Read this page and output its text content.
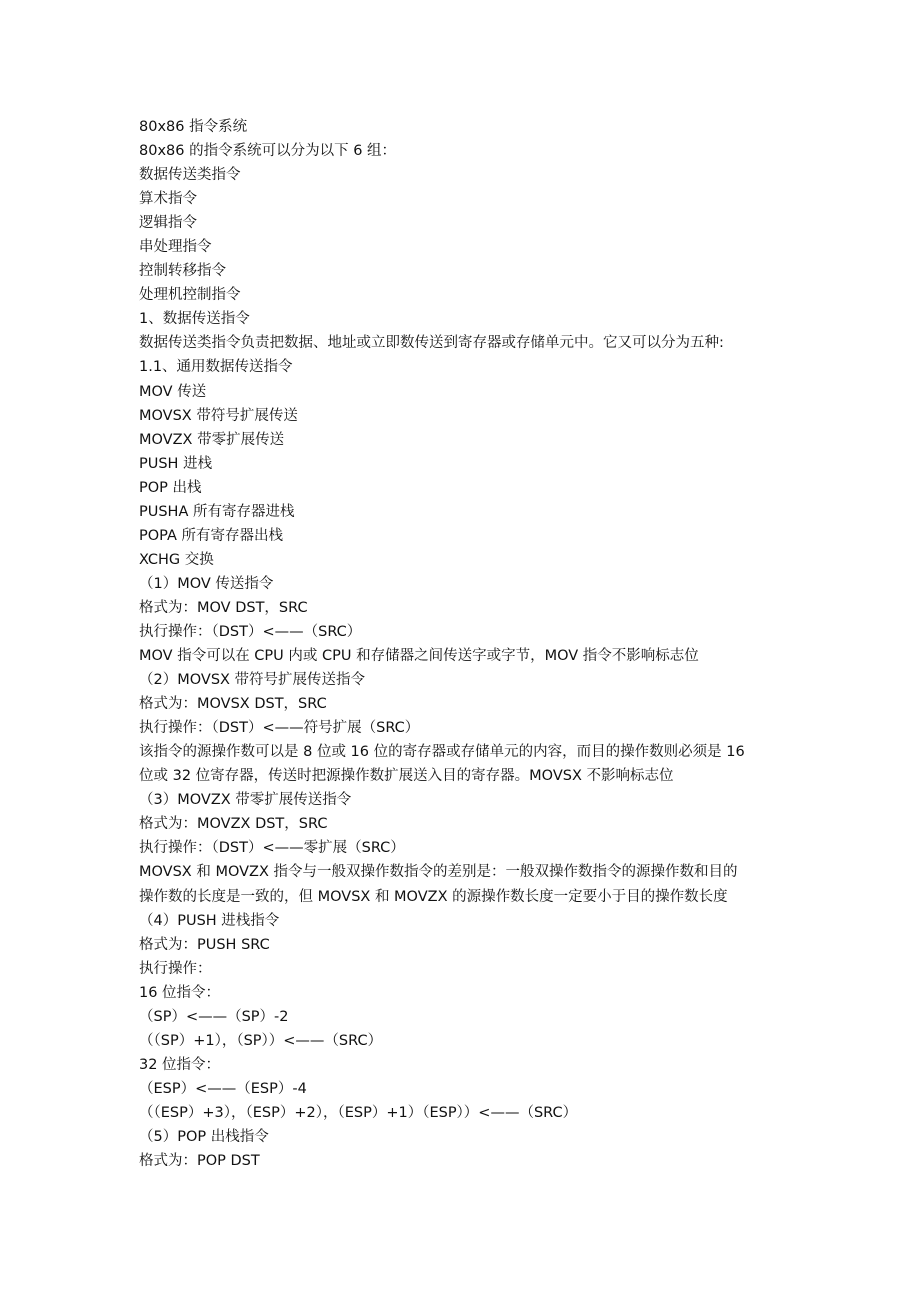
80x86 指令系统
80x86 的指令系统可以分为以下 6 组：
数据传送类指令
算术指令
逻辑指令
串处理指令
控制转移指令
处理机控制指令
1、数据传送指令
数据传送类指令负责把数据、地址或立即数传送到寄存器或存储单元中。它又可以分为五种:
1.1、通用数据传送指令
MOV 传送
MOVSX 带符号扩展传送
MOVZX 带零扩展传送
PUSH 进栈
POP 出栈
PUSHA 所有寄存器进栈
POPA 所有寄存器出栈
XCHG 交换
（1）MOV 传送指令
格式为：MOV DST，SRC
执行操作：（DST）<——（SRC）
MOV 指令可以在 CPU 内或 CPU 和存储器之间传送字或字节，MOV 指令不影响标志位
（2）MOVSX 带符号扩展传送指令
格式为：MOVSX DST，SRC
执行操作：（DST）<——符号扩展（SRC）
该指令的源操作数可以是 8 位或 16 位的寄存器或存储单元的内容，而目的操作数则必须是 16
位或 32 位寄存器，传送时把源操作数扩展送入目的寄存器。MOVSX 不影响标志位
（3）MOVZX 带零扩展传送指令
格式为：MOVZX DST，SRC
执行操作：（DST）<——零扩展（SRC）
MOVSX 和 MOVZX 指令与一般双操作数指令的差别是：一般双操作数指令的源操作数和目的
操作数的长度是一致的，但 MOVSX 和 MOVZX 的源操作数长度一定要小于目的操作数长度
（4）PUSH 进栈指令
格式为：PUSH SRC
执行操作：
16 位指令：
（SP）<——（SP）-2
（（SP）+1），（SP））<——（SRC）
32 位指令：
（ESP）<——（ESP）-4
（（ESP）+3），（ESP）+2），（ESP）+1）（ESP））<——（SRC）
（5）POP 出栈指令
格式为：POP DST
